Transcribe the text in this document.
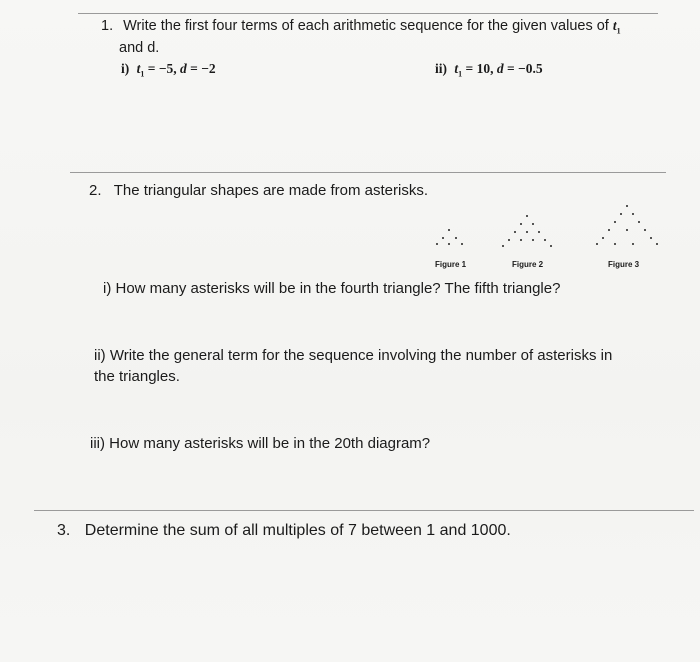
1. Write the first four terms of each arithmetic sequence for the given values of $t_1$
and d.
i) $t_1 = -5$, d = −2	ii) $t_1 = 10$, d = −0.5
2. The triangular shapes are made from asterisks.
Figure 1	Figure 2	Figure 3
i) How many asterisks will be in the fourth triangle? The fifth triangle?
ii) Write the general term for the sequence involving the number of asterisks in
the triangles.
iii) How many asterisks will be in the 20th diagram?
3. Determine the sum of all multiples of 7 between 1 and 1000.
